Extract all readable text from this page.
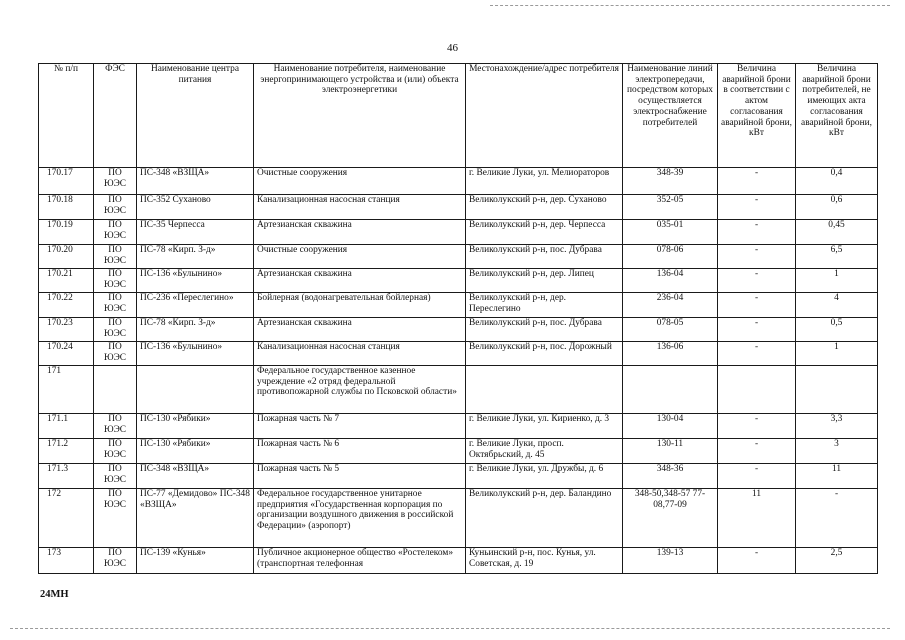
46
№ п/п	ФЭС	Наименование центра питания	Наименование потребителя, наименование энергопринимающего устройства и (или) объекта электроэнергетики	Местонахождение/адрес потребителя	Наименование линий электропередачи, посредством которых осуществляется электроснабжение потребителей	Величина аварийной брони в соответствии с актом согласования аварийной брони, кВт	Величина аварийной брони потребителей, не имеющих акта согласования аварийной брони, кВт
170.17	ПО ЮЭС	ПС-348 «ВЗЩА»	Очистные сооружения	г. Великие Луки, ул. Мелиораторов	348-39	-	0,4
170.18	ПО ЮЭС	ПС-352 Суханово	Канализационная насосная станция	Великолукский р-н, дер. Суханово	352-05	-	0,6
170.19	ПО ЮЭС	ПС-35 Черпесса	Артезианская скважина	Великолукский р-н, дер. Черпесса	035-01	-	0,45
170.20	ПО ЮЭС	ПС-78 «Кирп. З-д»	Очистные сооружения	Великолукский р-н, пос. Дубрава	078-06	-	6,5
170.21	ПО ЮЭС	ПС-136 «Булынино»	Артезианская скважина	Великолукский р-н, дер. Липец	136-04	-	1
170.22	ПО ЮЭС	ПС-236 «Переслегино»	Бойлерная (водонагревательная бойлерная)	Великолукский р-н, дер. Переслегино	236-04	-	4
170.23	ПО ЮЭС	ПС-78 «Кирп. З-д»	Артезианская скважина	Великолукский р-н, пос. Дубрава	078-05	-	0,5
170.24	ПО ЮЭС	ПС-136 «Булынино»	Канализационная насосная станция	Великолукский р-н, пос. Дорожный	136-06	-	1
171			Федеральное государственное казенное учреждение «2 отряд федеральной противопожарной службы по Псковской области»				
171.1	ПО ЮЭС	ПС-130 «Рябики»	Пожарная часть № 7	г. Великие Луки, ул. Кириенко, д. 3	130-04	-	3,3
171.2	ПО ЮЭС	ПС-130 «Рябики»	Пожарная часть № 6	г. Великие Луки, просп. Октябрьский, д. 45	130-11	-	3
171.3	ПО ЮЭС	ПС-348 «ВЗЩА»	Пожарная часть № 5	г. Великие Луки, ул. Дружбы, д. 6	348-36	-	11
172	ПО ЮЭС	ПС-77 «Демидово» ПС-348 «ВЗЩА»	Федеральное государственное унитарное предприятия «Государственная корпорация по организации воздушного движения в российской Федерации» (аэропорт)	Великолукский р-н, дер. Баландино	348-50,348-57 77-08,77-09	11	-
173	ПО ЮЭС	ПС-139 «Кунья»	Публичное акционерное общество «Ростелеком» (транспортная телефонная	Куньинский р-н, пос. Кунья, ул. Советская, д. 19	139-13	-	2,5
24МН
